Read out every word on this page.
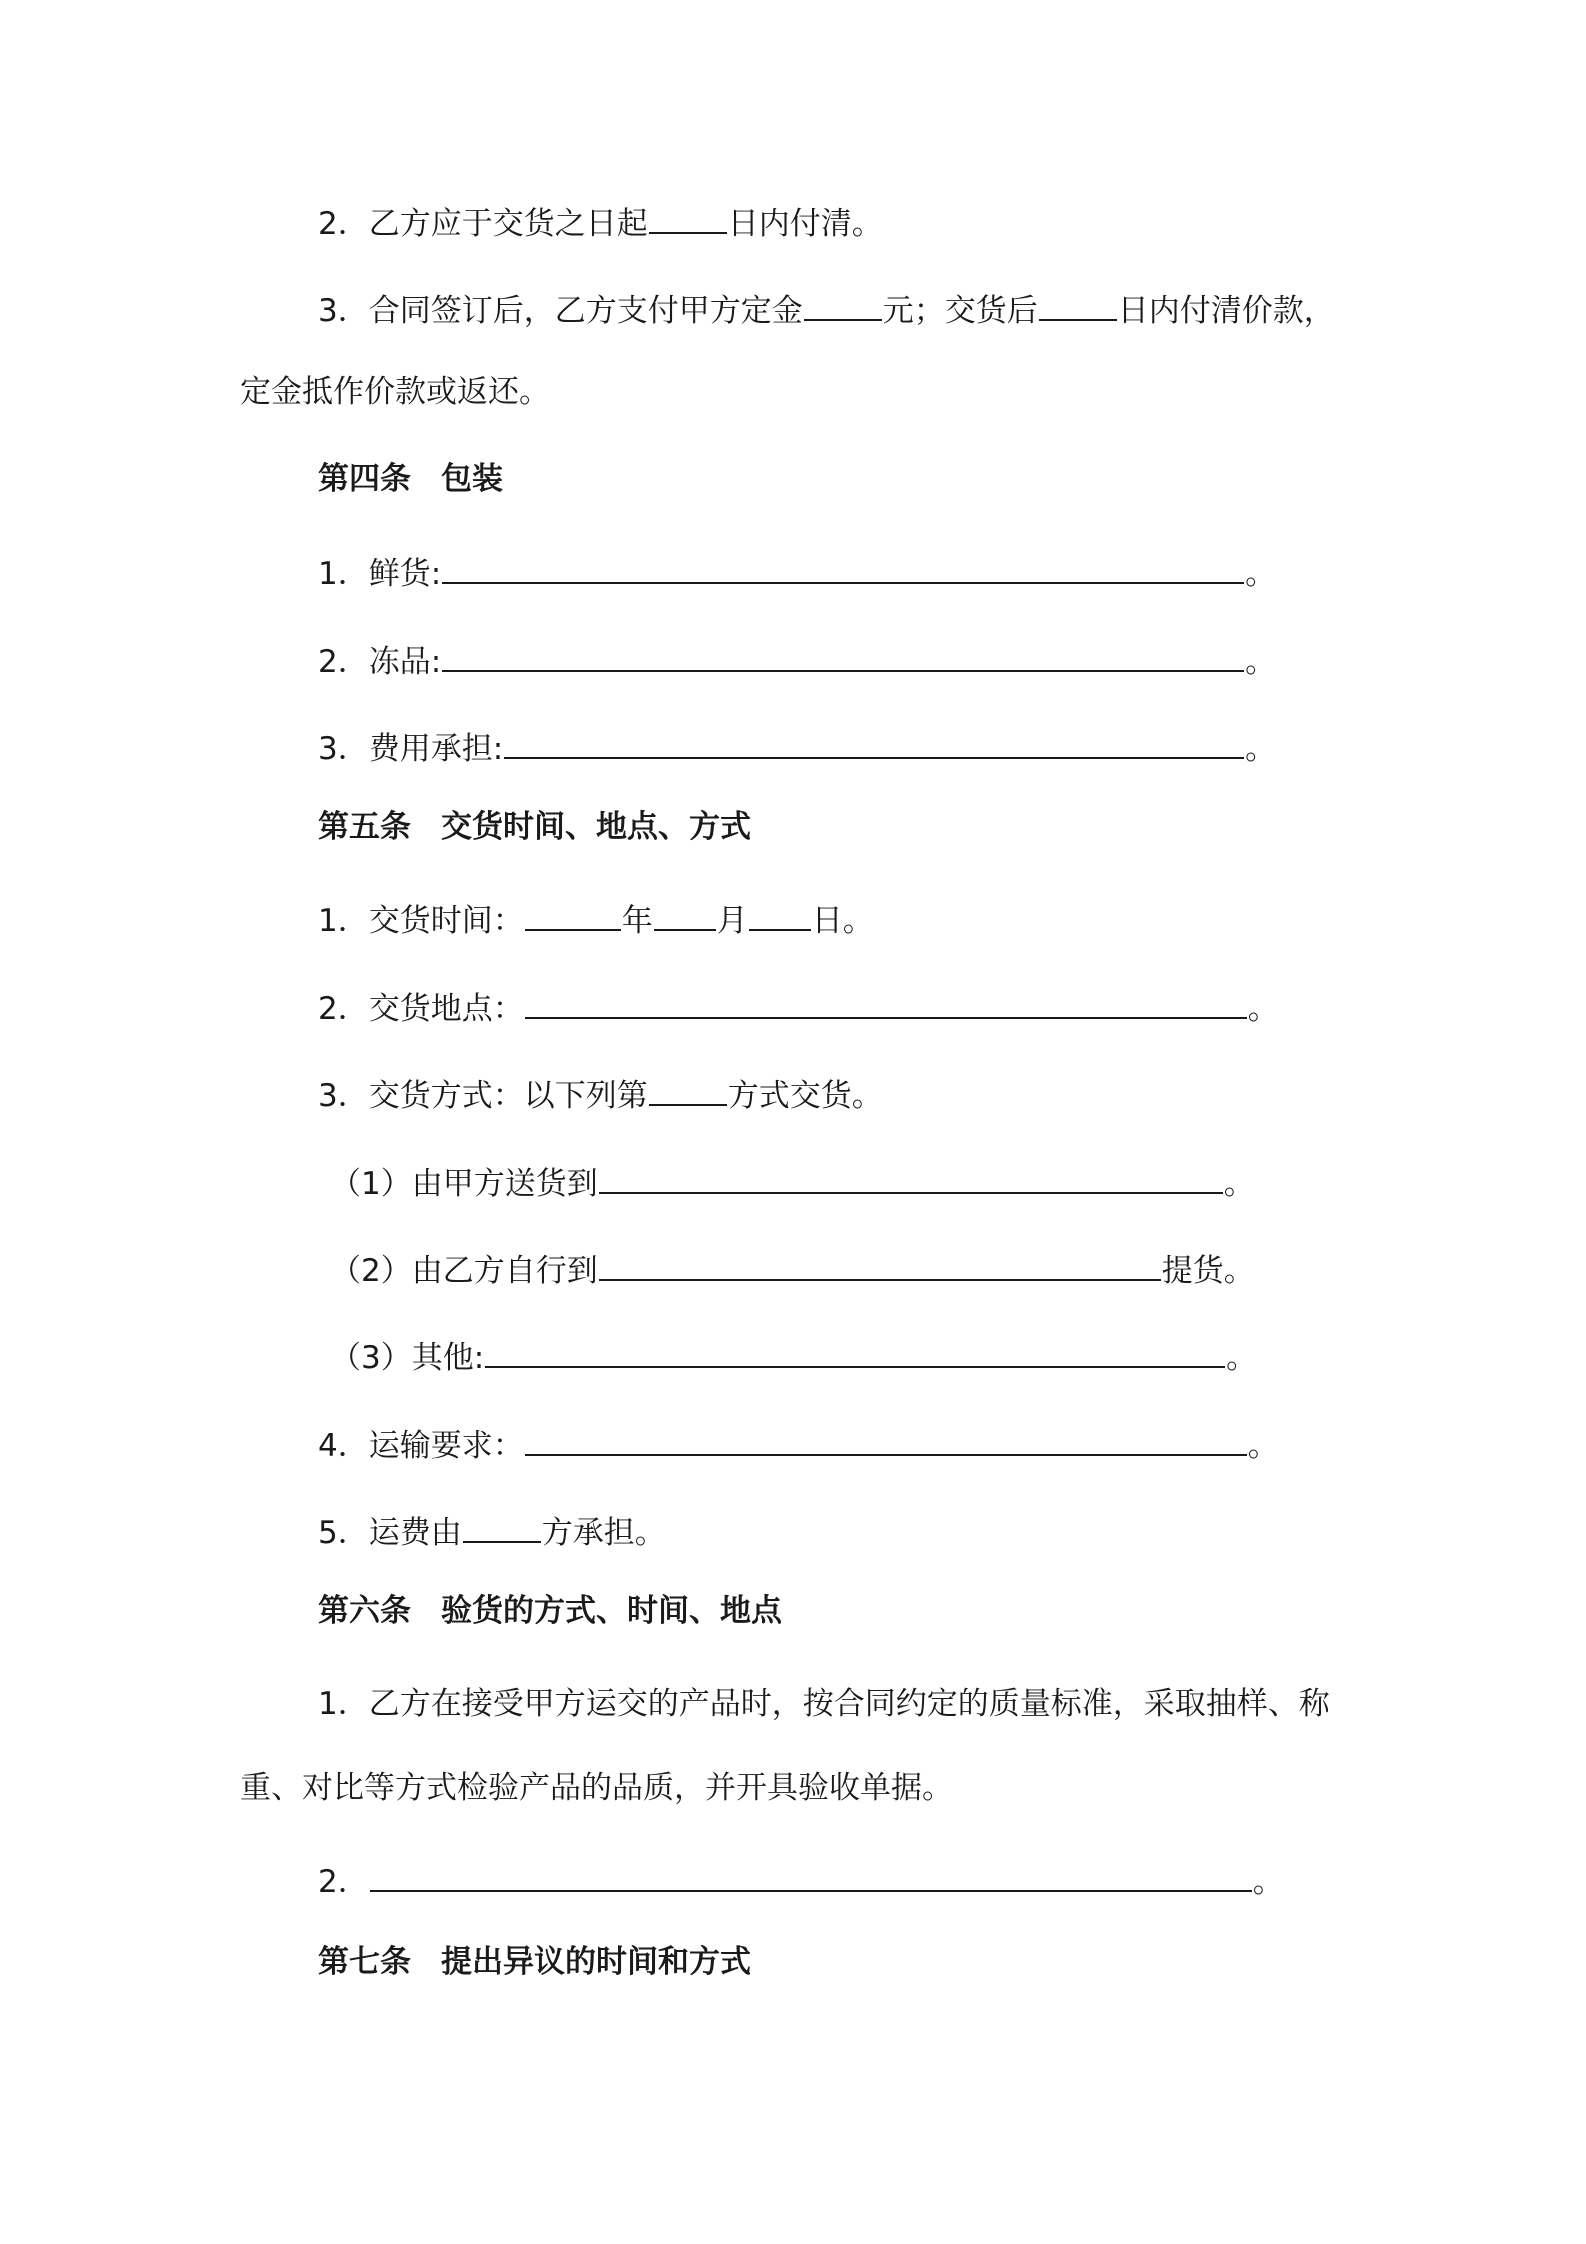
2．乙方应于交货之日起	日内付清。
3．合同签订后，乙方支付甲方定金	元；交货后	日内付清价款，
定金抵作价款或返还。
第四条 包装
1．鲜货:	。
2．冻品:	。
3．费用承担:	。
第五条 交货时间、地点、方式
1．交货时间：	年 月 日。
2．交货地点：	。
3．交货方式：以下列第	方式交货。
（1）由甲方送货到	。
（2）由乙方自行到	提货。
（3）其他:	。
4．运输要求：	。
5．运费由	方承担。
第六条 验货的方式、时间、地点
1．乙方在接受甲方运交的产品时，按合同约定的质量标准，采取抽样、称
重、对比等方式检验产品的品质，并开具验收单据。
2．	。
第七条 提出异议的时间和方式
